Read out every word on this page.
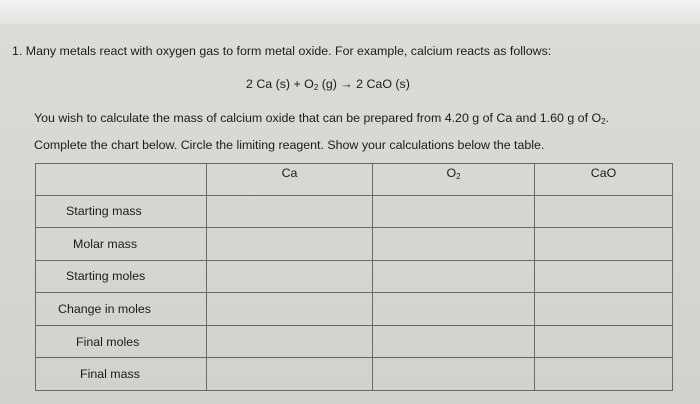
1. Many metals react with oxygen gas to form metal oxide. For example, calcium reacts as follows:
2 Ca $(s) + O_2$ (g) → 2 CaO (s)
You wish to calculate the mass of calcium oxide that can be prepared from 4.20 g of Ca and 1.60 g of $O_2$.
Complete the chart below. Circle the limiting reagent. Show your calculations below the table.
	Ca	$O_2$	CaO

Starting mass			

Molar mass			

Starting moles			

Change in moles			

Final moles			

Final mass			
